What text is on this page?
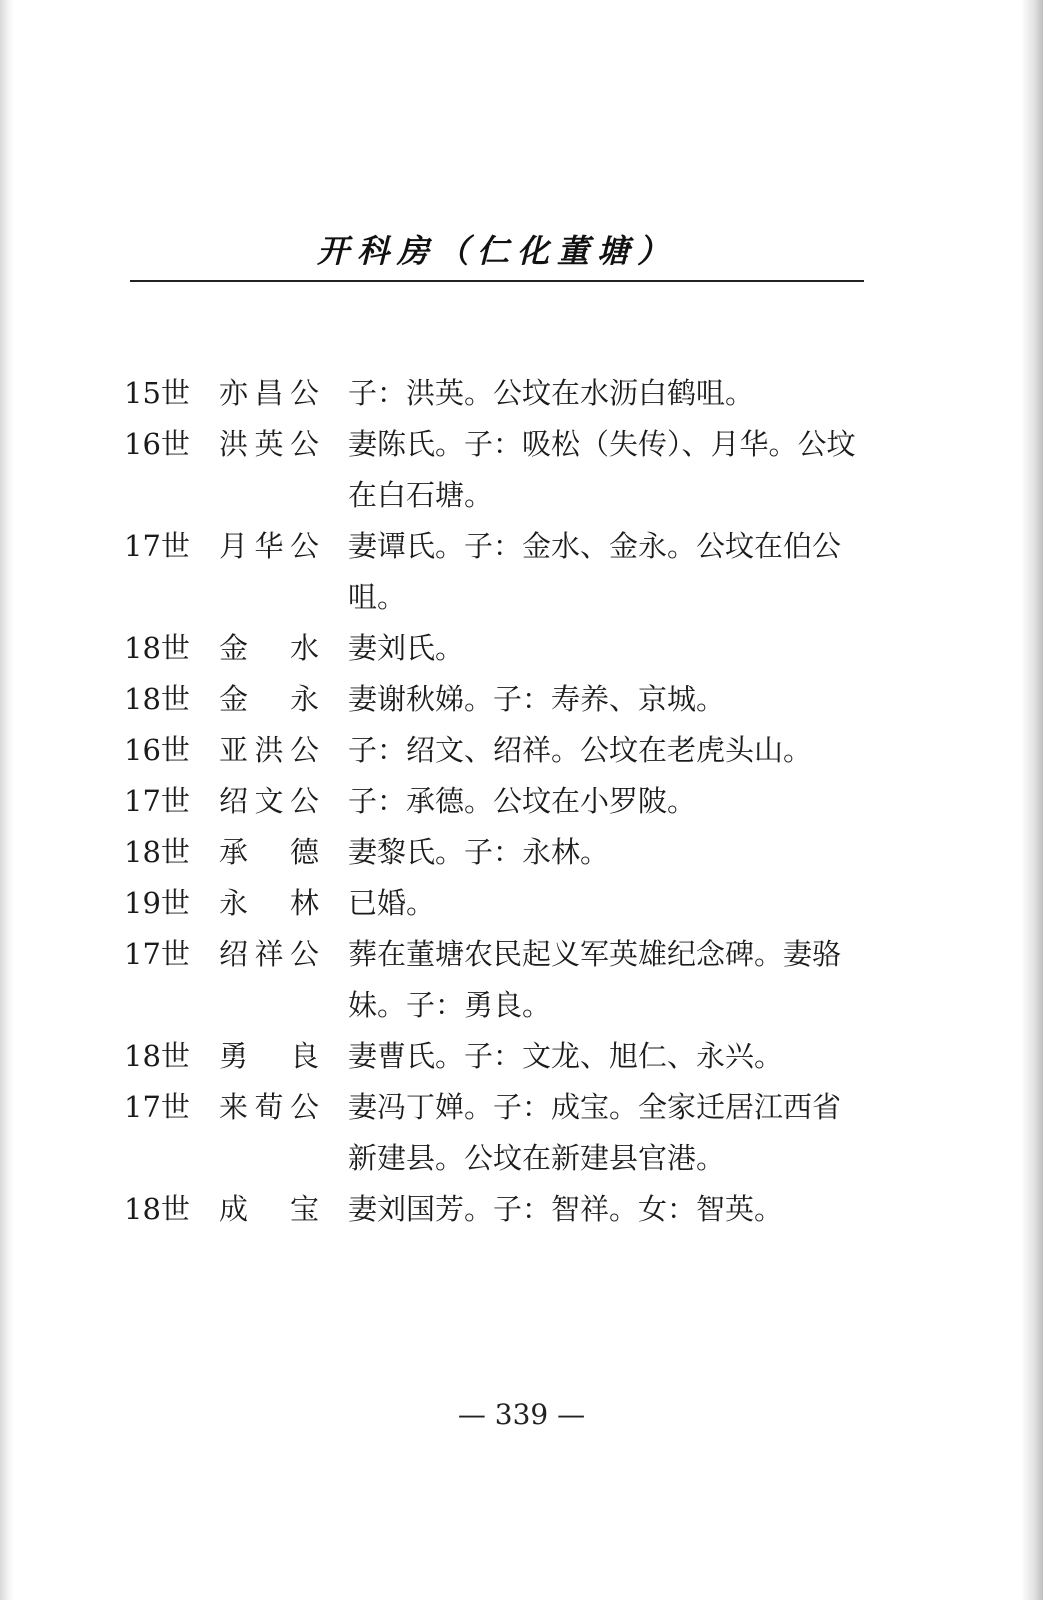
开科房（仁化董塘）
15世	亦昌公 子：洪英。公坟在水沥白鹤咀。
16世	洪英公 妻陈氏。子：吸松（失传）、月华。公坟在白石塘。
17世	月华公 妻谭氏。子：金水、金永。公坟在伯公咀。
18世	金　水 妻刘氏。
18世	金　永 妻谢秋娣。子：寿养、京城。
16世	亚洪公 子：绍文、绍祥。公坟在老虎头山。
17世	绍文公 子：承德。公坟在小罗陂。
18世	承　德 妻黎氏。子：永林。
19世	永　林 已婚。
17世	绍祥公 葬在董塘农民起义军英雄纪念碑。妻骆妹。子：勇良。
18世	勇　良 妻曹氏。子：文龙、旭仁、永兴。
17世	来荀公 妻冯丁婵。子：成宝。全家迁居江西省新建县。公坟在新建县官港。
18世	成　宝 妻刘国芳。子：智祥。女：智英。
— 339 —
